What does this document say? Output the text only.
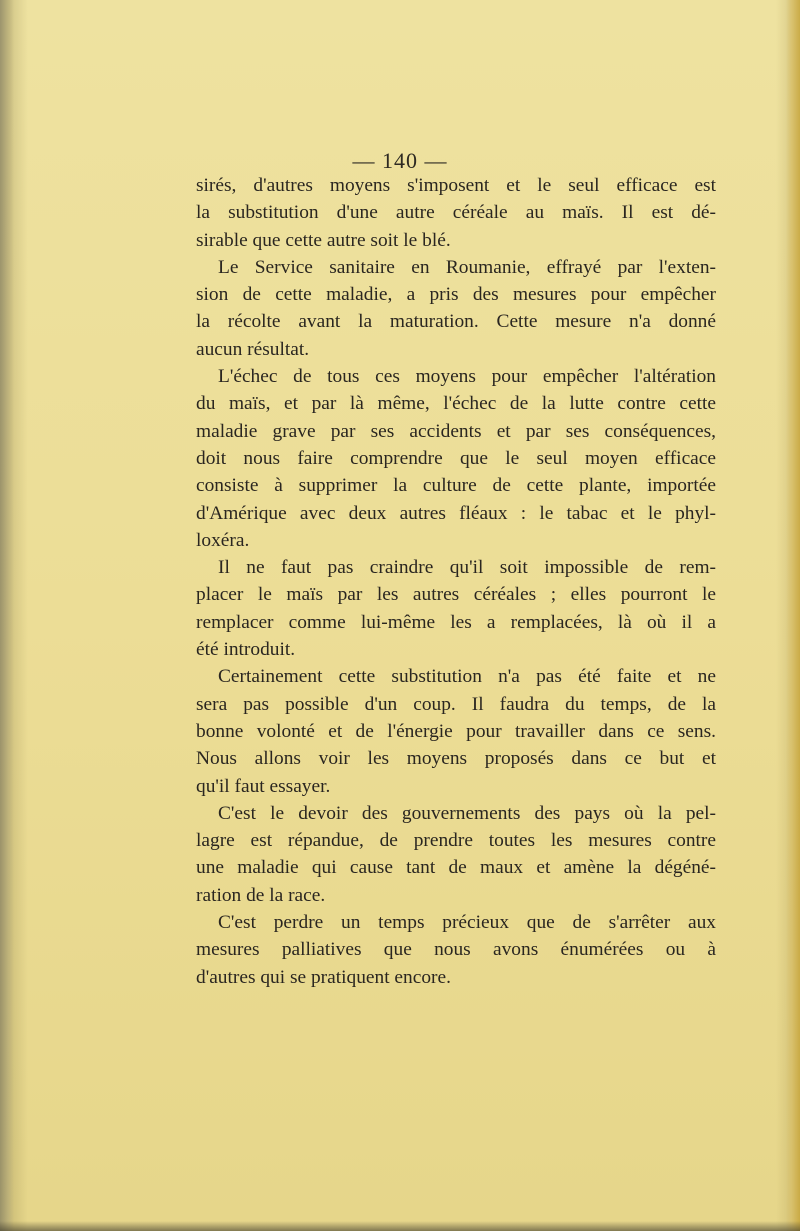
— 140 —
sirés, d'autres moyens s'imposent et le seul efficace est
la substitution d'une autre céréale au maïs. Il est dé-
sirable que cette autre soit le blé.
Le Service sanitaire en Roumanie, effrayé par l'exten-
sion de cette maladie, a pris des mesures pour empêcher
la récolte avant la maturation. Cette mesure n'a donné
aucun résultat.
L'échec de tous ces moyens pour empêcher l'altération
du maïs, et par là même, l'échec de la lutte contre cette
maladie grave par ses accidents et par ses conséquences,
doit nous faire comprendre que le seul moyen efficace
consiste à supprimer la culture de cette plante, importée
d'Amérique avec deux autres fléaux : le tabac et le phyl-
loxéra.
Il ne faut pas craindre qu'il soit impossible de rem-
placer le maïs par les autres céréales ; elles pourront le
remplacer comme lui-même les a remplacées, là où il a
été introduit.
Certainement cette substitution n'a pas été faite et ne
sera pas possible d'un coup. Il faudra du temps, de la
bonne volonté et de l'énergie pour travailler dans ce sens.
Nous allons voir les moyens proposés dans ce but et
qu'il faut essayer.
C'est le devoir des gouvernements des pays où la pel-
lagre est répandue, de prendre toutes les mesures contre
une maladie qui cause tant de maux et amène la dégéné-
ration de la race.
C'est perdre un temps précieux que de s'arrêter aux
mesures palliatives que nous avons énumérées ou à
d'autres qui se pratiquent encore.
